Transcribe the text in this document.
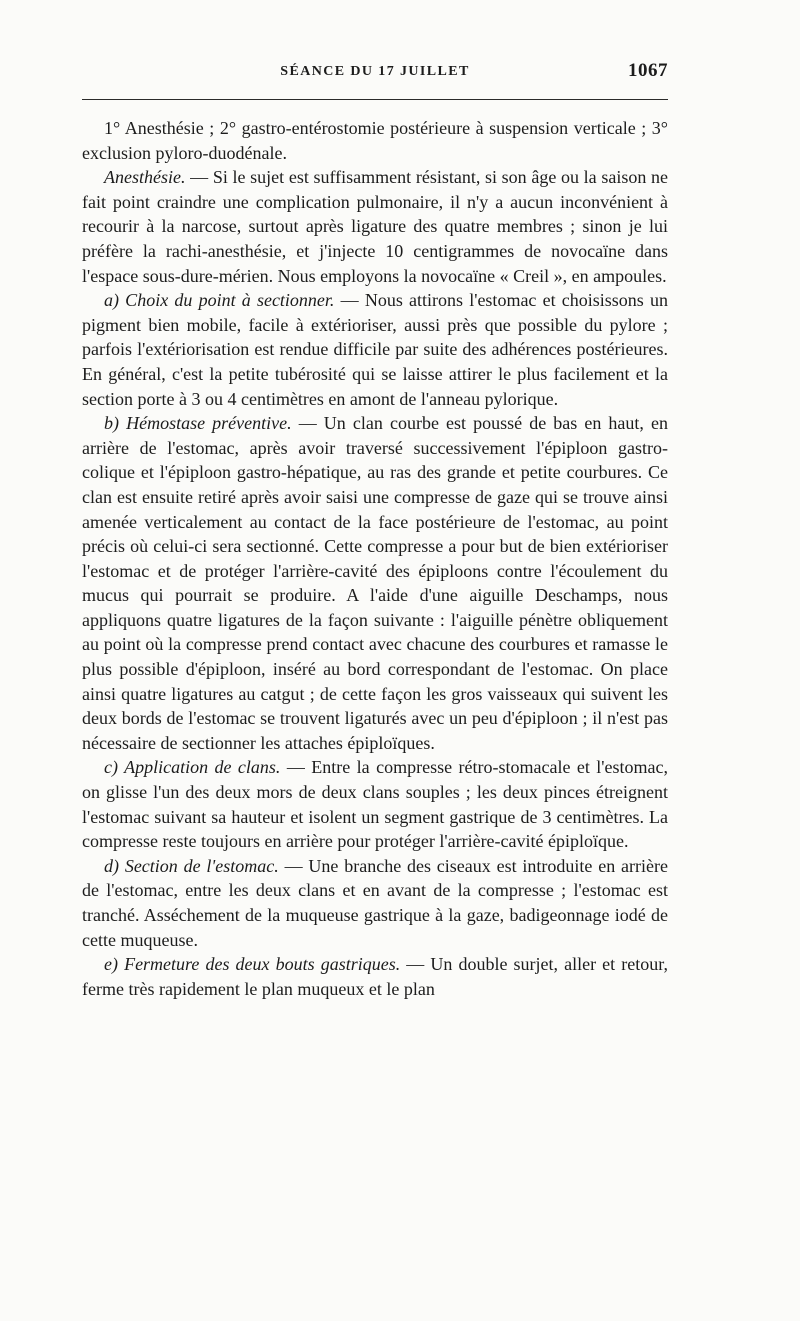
SÉANCE DU 17 JUILLET	1067

1° Anesthésie ; 2° gastro-entérostomie postérieure à suspension verticale ; 3° exclusion pyloro-duodénale.

Anesthésie. — Si le sujet est suffisamment résistant, si son âge ou la saison ne fait point craindre une complication pulmonaire, il n'y a aucun inconvénient à recourir à la narcose, surtout après ligature des quatre membres ; sinon je lui préfère la rachi-anesthésie, et j'injecte 10 centigrammes de novocaïne dans l'espace sous-dure-mérien. Nous employons la novocaïne « Creil », en ampoules.

a) Choix du point à sectionner. — Nous attirons l'estomac et choisissons un pigment bien mobile, facile à extérioriser, aussi près que possible du pylore ; parfois l'extériorisation est rendue difficile par suite des adhérences postérieures. En général, c'est la petite tubérosité qui se laisse attirer le plus facilement et la section porte à 3 ou 4 centimètres en amont de l'anneau pylorique.

b) Hémostase préventive. — Un clan courbe est poussé de bas en haut, en arrière de l'estomac, après avoir traversé successivement l'épiploon gastro-colique et l'épiploon gastro-hépatique, au ras des grande et petite courbures. Ce clan est ensuite retiré après avoir saisi une compresse de gaze qui se trouve ainsi amenée verticalement au contact de la face postérieure de l'estomac, au point précis où celui-ci sera sectionné. Cette compresse a pour but de bien extérioriser l'estomac et de protéger l'arrière-cavité des épiploons contre l'écoulement du mucus qui pourrait se produire. A l'aide d'une aiguille Deschamps, nous appliquons quatre ligatures de la façon suivante : l'aiguille pénètre obliquement au point où la compresse prend contact avec chacune des courbures et ramasse le plus possible d'épiploon, inséré au bord correspondant de l'estomac. On place ainsi quatre ligatures au catgut ; de cette façon les gros vaisseaux qui suivent les deux bords de l'estomac se trouvent ligaturés avec un peu d'épiploon ; il n'est pas nécessaire de sectionner les attaches épiploïques.

c) Application de clans. — Entre la compresse rétro-stomacale et l'estomac, on glisse l'un des deux mors de deux clans souples ; les deux pinces étreignent l'estomac suivant sa hauteur et isolent un segment gastrique de 3 centimètres. La compresse reste toujours en arrière pour protéger l'arrière-cavité épiploïque.

d) Section de l'estomac. — Une branche des ciseaux est introduite en arrière de l'estomac, entre les deux clans et en avant de la compresse ; l'estomac est tranché. Asséchement de la muqueuse gastrique à la gaze, badigeonnage iodé de cette muqueuse.

e) Fermeture des deux bouts gastriques. — Un double surjet, aller et retour, ferme très rapidement le plan muqueux et le plan
